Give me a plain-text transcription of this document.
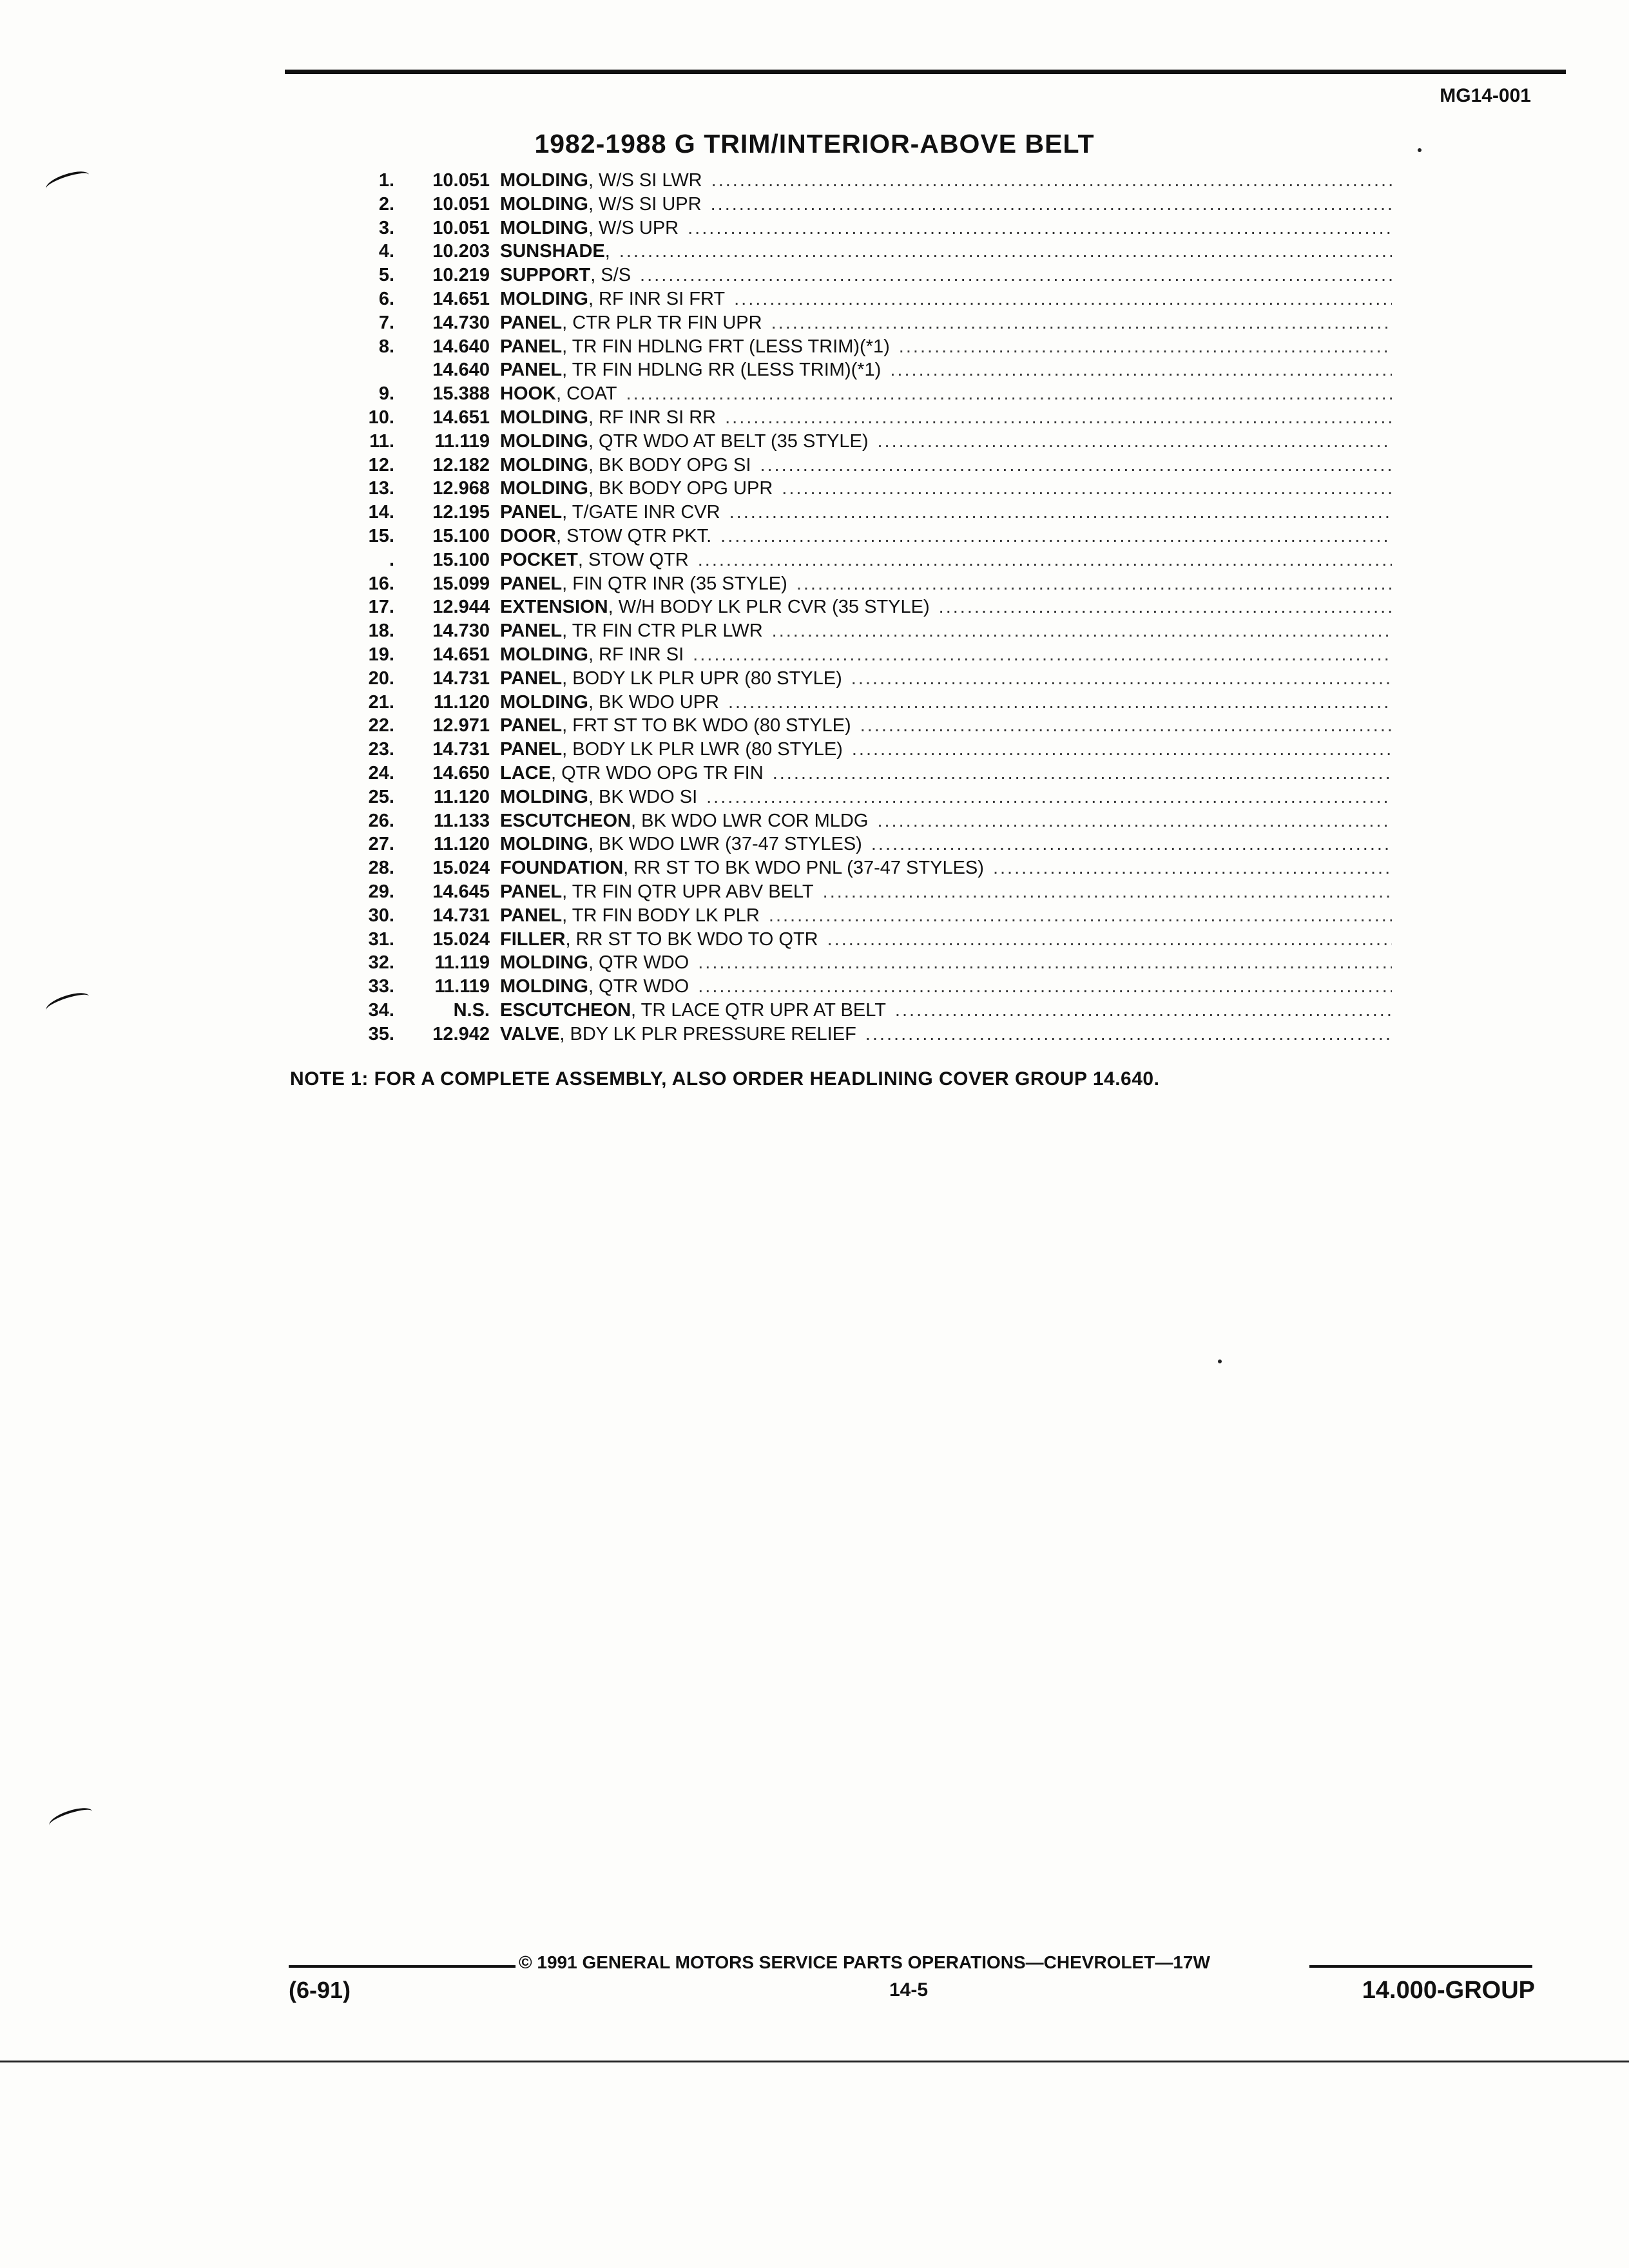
MG14-001
1982-1988 G TRIM/INTERIOR-ABOVE BELT
1.	10.051 MOLDING , W/S SI LWR
.....
2.	10.051 MOLDING , W/S SI UPR
.....
3.	10.051 MOLDING , W/S UPR
.....
4.	10.203 SUNSHADE ,
.....
5.	10.219 SUPPORT , S/S
.....
6.	14.651 MOLDING , RF INR SI FRT
.....
7.	14.730 PANEL , CTR PLR TR FIN UPR
.....
8.	14.640 PANEL , TR FIN HDLNG FRT (LESS TRIM)(*1)
.....
14.640 PANEL , TR FIN HDLNG RR (LESS TRIM)(*1)
.....
9.	15.388 HOOK , COAT
.....
10.	14.651 MOLDING , RF INR SI RR
.....
11.	11.119 MOLDING , QTR WDO AT BELT (35 STYLE)
.....
12.	12.182 MOLDING , BK BODY OPG SI
.....
13.	12.968 MOLDING , BK BODY OPG UPR
.....
14.	12.195 PANEL , T/GATE INR CVR
.....
15.	15.100 DOOR , STOW QTR PKT.
.....
.	15.100 POCKET , STOW QTR
.....
16.	15.099 PANEL , FIN QTR INR (35 STYLE)
.....
17.	12.944 EXTENSION , W/H BODY LK PLR CVR (35 STYLE)
.....
18.	14.730 PANEL , TR FIN CTR PLR LWR
.....
19.	14.651 MOLDING , RF INR SI
.....
20.	14.731 PANEL , BODY LK PLR UPR (80 STYLE)
.....
21.	11.120 MOLDING , BK WDO UPR
.....
22.	12.971 PANEL , FRT ST TO BK WDO (80 STYLE)
.....
23.	14.731 PANEL , BODY LK PLR LWR (80 STYLE)
.....
24.	14.650 LACE , QTR WDO OPG TR FIN
.....
25.	11.120 MOLDING , BK WDO SI
.....
26.	11.133 ESCUTCHEON , BK WDO LWR COR MLDG
.....
27.	11.120 MOLDING , BK WDO LWR (37-47 STYLES)
.....
28.	15.024 FOUNDATION , RR ST TO BK WDO PNL (37-47 STYLES)
.....
29.	14.645 PANEL , TR FIN QTR UPR ABV BELT
.....
30.	14.731 PANEL , TR FIN BODY LK PLR
.....
31.	15.024 FILLER , RR ST TO BK WDO TO QTR
.....
32.	11.119 MOLDING , QTR WDO
.....
33.	11.119 MOLDING , QTR WDO
.....
34.	N.S. ESCUTCHEON , TR LACE QTR UPR AT BELT
.....
35.	12.942 VALVE , BDY LK PLR PRESSURE RELIEF
.....
NOTE 1: FOR A COMPLETE ASSEMBLY, ALSO ORDER HEADLINING COVER GROUP 14.640.
© 1991 GENERAL MOTORS SERVICE PARTS OPERATIONS—CHEVROLET—17W
(6-91)	14-5	14.000-GROUP
